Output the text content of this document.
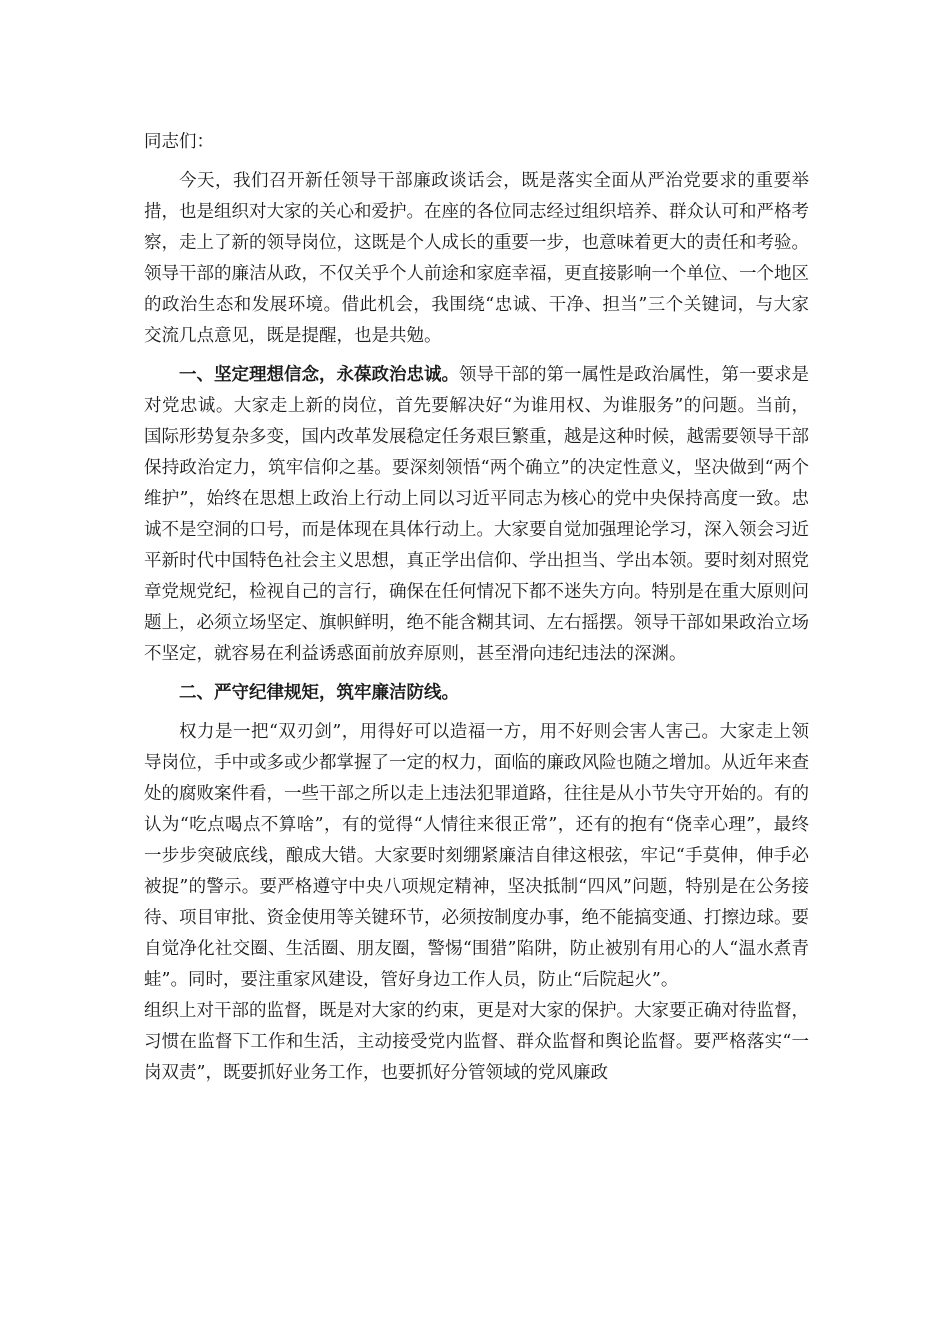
同志们：

今天，我们召开新任领导干部廉政谈话会，既是落实全面从严治党要求的重要举措，也是组织对大家的关心和爱护。在座的各位同志经过组织培养、群众认可和严格考察，走上了新的领导岗位，这既是个人成长的重要一步，也意味着更大的责任和考验。领导干部的廉洁从政，不仅关乎个人前途和家庭幸福，更直接影响一个单位、一个地区的政治生态和发展环境。借此机会，我围绕“忠诚、干净、担当”三个关键词，与大家交流几点意见，既是提醒，也是共勉。

一、坚定理想信念，永葆政治忠诚。领导干部的第一属性是政治属性，第一要求是对党忠诚。大家走上新的岗位，首先要解决好“为谁用权、为谁服务”的问题。当前，国际形势复杂多变，国内改革发展稳定任务艰巨繁重，越是这种时候，越需要领导干部保持政治定力，筑牢信仰之基。要深刻领悟“两个确立”的决定性意义，坚决做到“两个维护”，始终在思想上政治上行动上同以习近平同志为核心的党中央保持高度一致。忠诚不是空洞的口号，而是体现在具体行动上。大家要自觉加强理论学习，深入领会习近平新时代中国特色社会主义思想，真正学出信仰、学出担当、学出本领。要时刻对照党章党规党纪，检视自己的言行，确保在任何情况下都不迷失方向。特别是在重大原则问题上，必须立场坚定、旗帜鲜明，绝不能含糊其词、左右摇摆。领导干部如果政治立场不坚定，就容易在利益诱惑面前放弃原则，甚至滑向违纪违法的深渊。

二、严守纪律规矩，筑牢廉洁防线。

权力是一把“双刃剑”，用得好可以造福一方，用不好则会害人害己。大家走上领导岗位，手中或多或少都掌握了一定的权力，面临的廉政风险也随之增加。从近年来查处的腐败案件看，一些干部之所以走上违法犯罪道路，往往是从小节失守开始的。有的认为“吃点喝点不算啥”，有的觉得“人情往来很正常”，还有的抱有“侥幸心理”，最终一步步突破底线，酿成大错。大家要时刻绷紧廉洁自律这根弦，牢记“手莫伸，伸手必被捉”的警示。要严格遵守中央八项规定精神，坚决抵制“四风”问题，特别是在公务接待、项目审批、资金使用等关键环节，必须按制度办事，绝不能搞变通、打擦边球。要自觉净化社交圈、生活圈、朋友圈，警惕“围猎”陷阱，防止被别有用心的人“温水煮青蛙”。同时，要注重家风建设，管好身边工作人员，防止“后院起火”。
组织上对干部的监督，既是对大家的约束，更是对大家的保护。大家要正确对待监督，习惯在监督下工作和生活，主动接受党内监督、群众监督和舆论监督。要严格落实“一岗双责”，既要抓好业务工作，也要抓好分管领域的党风廉政
